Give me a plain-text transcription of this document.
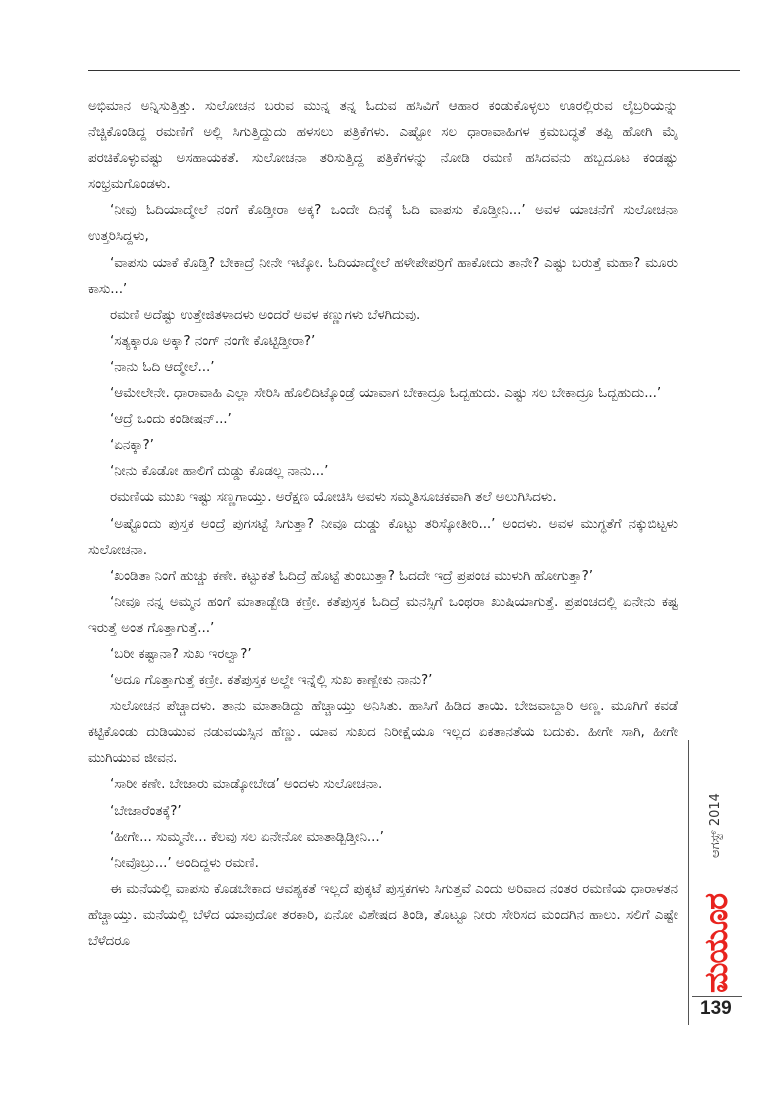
ಅಭಿಮಾನ ಅನ್ನಿಸುತ್ತಿತ್ತು. ಸುಲೋಚನ ಬರುವ ಮುನ್ನ ತನ್ನ ಓದುವ ಹಸಿವಿಗೆ ಆಹಾರ ಕಂಡುಕೊಳ್ಳಲು ಊರಲ್ಲಿರುವ ಲೈಬ್ರರಿಯನ್ನು ನೆಚ್ಚಿಕೊಂಡಿದ್ದ ರಮಣಿಗೆ ಅಲ್ಲಿ ಸಿಗುತ್ತಿದ್ದುದು ಹಳಸಲು ಪತ್ರಿಕೆಗಳು. ಎಷ್ಟೋ ಸಲ ಧಾರಾವಾಹಿಗಳ ಕ್ರಮಬದ್ಧತೆ ತಪ್ಪಿ ಹೋಗಿ ಮೈ ಪರಚಿಕೊಳ್ಳುವಷ್ಟು ಅಸಹಾಯಕತೆ. ಸುಲೋಚನಾ ತರಿಸುತ್ತಿದ್ದ ಪತ್ರಿಕೆಗಳನ್ನು ನೋಡಿ ರಮಣಿ ಹಸಿದವನು ಹಬ್ಬದೂಟ ಕಂಡಷ್ಟು ಸಂಭ್ರಮಗೊಂಡಳು.

‘ನೀವು ಓದಿಯಾದ್ಮೇಲೆ ನಂಗೆ ಕೊಡ್ತೀರಾ ಅಕ್ಕ? ಒಂದೇ ದಿನಕ್ಕೆ ಓದಿ ವಾಪಸು ಕೊಡ್ತೀನಿ...’ ಅವಳ ಯಾಚನೆಗೆ ಸುಲೋಚನಾ ಉತ್ತರಿಸಿದ್ದಳು,

‘ವಾಪಸು ಯಾಕೆ ಕೊಡ್ತಿ? ಬೇಕಾದ್ರೆ ನೀನೇ ಇಟ್ಕೋ. ಓದಿಯಾದ್ಮೇಲೆ ಹಳೇಪೇಪರ್ರಿಗೆ ಹಾಕೋದು ತಾನೇ? ಎಷ್ಟು ಬರುತ್ತೆ ಮಹಾ? ಮೂರು ಕಾಸು...’

ರಮಣಿ ಅದೆಷ್ಟು ಉತ್ತೇಜಿತಳಾದಳು ಅಂದರೆ ಅವಳ ಕಣ್ಣುಗಳು ಬೆಳಗಿದುವು.

‘ಸತ್ಯಕ್ಕಾರೂ ಅಕ್ಕಾ? ನಂಗ್ ನಂಗೇ ಕೊಟ್ಟಿಡ್ತೀರಾ?’

‘ನಾನು ಓದಿ ಆದ್ಮೇಲೆ...’

‘ಆಮೇಲೇನೇ. ಧಾರಾವಾಹಿ ಎಲ್ಲಾ ಸೇರಿಸಿ ಹೊಲಿದಿಟ್ಕೊಂಡ್ರೆ ಯಾವಾಗ ಬೇಕಾದ್ರೂ ಓದ್ಬಹುದು. ಎಷ್ಟು ಸಲ ಬೇಕಾದ್ರೂ ಓದ್ಬಹುದು...’

‘ಆದ್ರೆ ಒಂದು ಕಂಡೀಷನ್...’

‘ಏನಕ್ಕಾ?’

‘ನೀನು ಕೊಡೋ ಹಾಲಿಗೆ ದುಡ್ಡು ಕೊಡಲ್ಲ ನಾನು...’

ರಮಣಿಯ ಮುಖ ಇಷ್ಟು ಸಣ್ಣಗಾಯ್ತು. ಅರೆಕ್ಷಣ ಯೋಚಿಸಿ ಅವಳು ಸಮ್ಮತಿಸೂಚಕವಾಗಿ ತಲೆ ಅಲುಗಿಸಿದಳು.

‘ಅಷ್ಟೊಂದು ಪುಸ್ತಕ ಅಂದ್ರೆ ಪುಗಸಟ್ಟೆ ಸಿಗುತ್ತಾ? ನೀವೂ ದುಡ್ಡು ಕೊಟ್ಟು ತರಿಸ್ಕೋತೀರಿ...’ ಅಂದಳು. ಅವಳ ಮುಗ್ಧತೆಗೆ ನಕ್ಕುಬಿಟ್ಟಳು ಸುಲೋಚನಾ.

‘ಖಂಡಿತಾ ನಿಂಗೆ ಹುಚ್ಚು ಕಣೇ. ಕಟ್ಟುಕತೆ ಓದಿದ್ರೆ ಹೊಟ್ಟೆ ತುಂಬುತ್ತಾ? ಓದದೇ ಇದ್ರೆ ಪ್ರಪಂಚ ಮುಳುಗಿ ಹೋಗುತ್ತಾ?’

‘ನೀವೂ ನನ್ನ ಅಮ್ಮನ ಹಂಗೆ ಮಾತಾಡ್ಬೇಡಿ ಕಣ್ರೀ. ಕತೆಪುಸ್ತಕ ಓದಿದ್ರೆ ಮನಸ್ಸಿಗೆ ಒಂಥರಾ ಖುಷಿಯಾಗುತ್ತೆ. ಪ್ರಪಂಚದಲ್ಲಿ ಏನೇನು ಕಷ್ಟ ಇರುತ್ತೆ ಅಂತ ಗೊತ್ತಾಗುತ್ತೆ...’

‘ಬರೀ ಕಷ್ಟಾನಾ? ಸುಖ ಇರಲ್ವಾ?’

‘ಅದೂ ಗೊತ್ತಾಗುತ್ತೆ ಕಣ್ರೀ. ಕತೆಪುಸ್ತಕ ಅಲ್ದೇ ಇನ್ನೆಲ್ಲಿ ಸುಖ ಕಾಣ್ಬೇಕು ನಾನು?’

ಸುಲೋಚನ ಪೆಚ್ಚಾದಳು. ತಾನು ಮಾತಾಡಿದ್ದು ಹೆಚ್ಚಾಯ್ತು ಅನಿಸಿತು. ಹಾಸಿಗೆ ಹಿಡಿದ ತಾಯಿ. ಬೇಜವಾಬ್ದಾರಿ ಅಣ್ಣ. ಮೂಗಿಗೆ ಕವಡೆ ಕಟ್ಟಿಕೊಂಡು ದುಡಿಯುವ ನಡುವಯಸ್ಸಿನ ಹೆಣ್ಣು. ಯಾವ ಸುಖದ ನಿರೀಕ್ಷೆಯೂ ಇಲ್ಲದ ಏಕತಾನತೆಯ ಬದುಕು. ಹೀಗೇ ಸಾಗಿ, ಹೀಗೇ ಮುಗಿಯುವ ಜೀವನ.

‘ಸಾರೀ ಕಣೇ. ಬೇಜಾರು ಮಾಡ್ಕೋಬೇಡ’ ಅಂದಳು ಸುಲೋಚನಾ.

‘ಬೇಜಾರೆಂತಕ್ಕೆ?’

‘ಹೀಗೇ... ಸುಮ್ಮನೇ... ಕೆಲವು ಸಲ ಏನೇನೋ ಮಾತಾಡ್ಬಿಡ್ತೀನಿ...’

‘ನೀವೊಬ್ರು...’ ಅಂದಿದ್ದಳು ರಮಣಿ.

ಈ ಮನೆಯಲ್ಲಿ ವಾಪಸು ಕೊಡಬೇಕಾದ ಆವಶ್ಯಕತೆ ಇಲ್ಲದೆ ಪುಕ್ಕಟೆ ಪುಸ್ತಕಗಳು ಸಿಗುತ್ತವೆ ಎಂದು ಅರಿವಾದ ನಂತರ ರಮಣಿಯ ಧಾರಾಳತನ ಹೆಚ್ಚಾಯ್ತು. ಮನೆಯಲ್ಲಿ ಬೆಳೆದ ಯಾವುದೋ ತರಕಾರಿ, ಏನೋ ವಿಶೇಷದ ತಿಂಡಿ, ತೊಟ್ಟೂ ನೀರು ಸೇರಿಸದ ಮಂದಗಿನ ಹಾಲು. ಸಲಿಗೆ ಎಷ್ಟೇ ಬೆಳೆದರೂ

ಆಗಸ್ಟ್ 2014
ಮಯೂರ
139
